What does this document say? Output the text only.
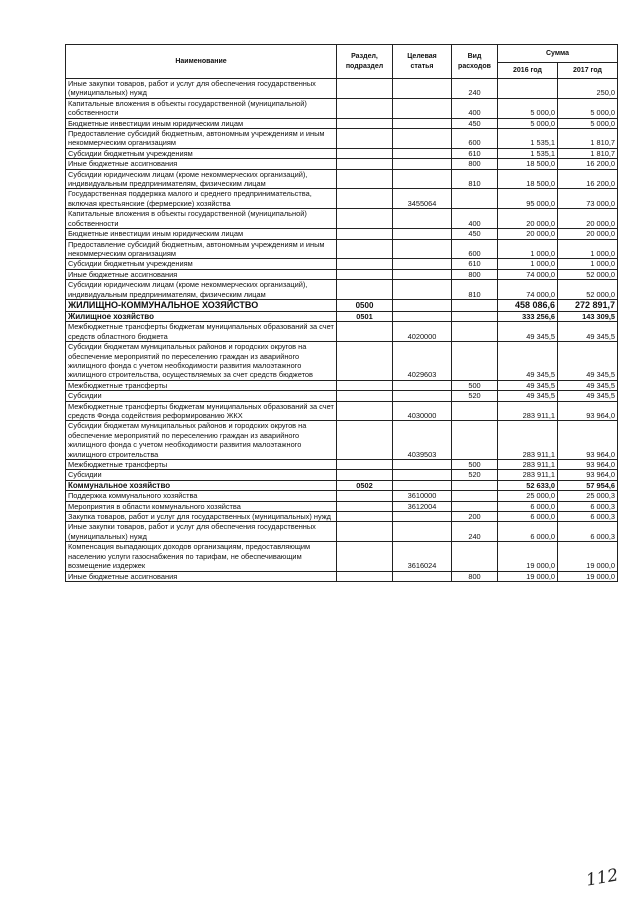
Наименование	Раздел, подраздел	Целевая статья	Вид расходов	Сумма	
				2016 год	2017 год
Иные закупки товаров, работ и услуг для обеспечения государственных (муниципальных) нужд			240		250,0
Капитальные вложения в объекты государственной (муниципальной) собственности			400	5 000,0	5 000,0
Бюджетные инвестиции иным юридическим лицам			450	5 000,0	5 000,0
Предоставление субсидий бюджетным, автономным учреждениям и иным некоммерческим организациям			600	1 535,1	1 810,7
Субсидии бюджетным учреждениям			610	1 535,1	1 810,7
Иные бюджетные ассигнования			800	18 500,0	16 200,0
Субсидии юридическим лицам (кроме некоммерческих организаций), индивидуальным предпринимателям, физическим лицам			810	18 500,0	16 200,0
Государственная поддержка малого и среднего предпринимательства, включая крестьянские (фермерские) хозяйства		3455064		95 000,0	73 000,0
Капитальные вложения в объекты государственной (муниципальной) собственности			400	20 000,0	20 000,0
Бюджетные инвестиции иным юридическим лицам			450	20 000,0	20 000,0
Предоставление субсидий бюджетным, автономным учреждениям и иным некоммерческим организациям			600	1 000,0	1 000,0
Субсидии бюджетным учреждениям			610	1 000,0	1 000,0
Иные бюджетные ассигнования			800	74 000,0	52 000,0
Субсидии юридическим лицам (кроме некоммерческих организаций), индивидуальным предпринимателям, физическим лицам			810	74 000,0	52 000,0
ЖИЛИЩНО-КОММУНАЛЬНОЕ ХОЗЯЙСТВО	0500			458 086,6	272 891,7
Жилищное хозяйство	0501			333 256,6	143 309,5
Межбюджетные трансферты бюджетам муниципальных образований за счет средств областного бюджета		4020000		49 345,5	49 345,5
Субсидии бюджетам муниципальных районов и городских округов на обеспечение мероприятий по переселению граждан из аварийного жилищного фонда с учетом необходимости развития малоэтажного жилищного строительства, осуществляемых за счет средств бюджетов		4029603		49 345,5	49 345,5
Межбюджетные трансферты			500	49 345,5	49 345,5
Субсидии			520	49 345,5	49 345,5
Межбюджетные трансферты бюджетам муниципальных образований за счет средств Фонда содействия реформированию ЖКХ		4030000		283 911,1	93 964,0
Субсидии бюджетам муниципальных районов и городских округов на обеспечение мероприятий по переселению граждан из аварийного жилищного фонда с учетом необходимости развития малоэтажного жилищного строительства		4039503		283 911,1	93 964,0
Межбюджетные трансферты			500	283 911,1	93 964,0
Субсидии			520	283 911,1	93 964,0
Коммунальное хозяйство	0502			52 633,0	57 954,6
Поддержка коммунального хозяйства		3610000		25 000,0	25 000,3
Мероприятия в области коммунального хозяйства		3612004		6 000,0	6 000,3
Закупка товаров, работ и услуг для государственных (муниципальных) нужд			200	6 000,0	6 000,3
Иные закупки товаров, работ и услуг для обеспечения государственных (муниципальных) нужд			240	6 000,0	6 000,3
Компенсация выпадающих доходов организациям, предоставляющим населению услуги газоснабжения по тарифам, не обеспечивающим возмещение издержек		3616024		19 000,0	19 000,0
Иные бюджетные ассигнования			800	19 000,0	19 000,0
112
